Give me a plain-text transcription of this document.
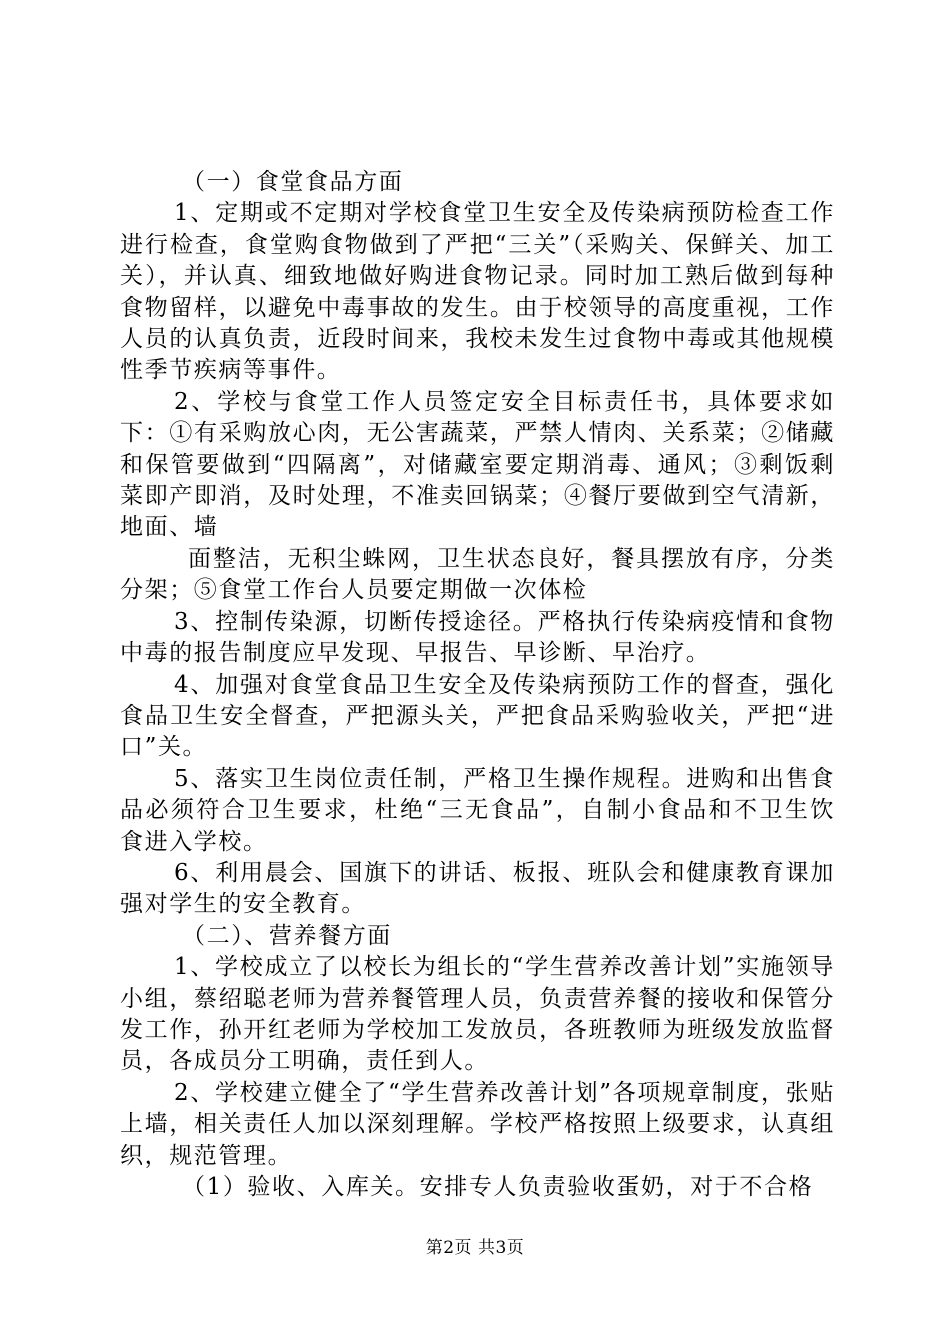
（一）食堂食品方面

1、定期或不定期对学校食堂卫生安全及传染病预防检查工作进行检查，食堂购食物做到了严把“三关”（采购关、保鲜关、加工关），并认真、细致地做好购进食物记录。同时加工熟后做到每种食物留样，以避免中毒事故的发生。由于校领导的高度重视，工作人员的认真负责，近段时间来，我校未发生过食物中毒或其他规模性季节疾病等事件。

2、学校与食堂工作人员签定安全目标责任书，具体要求如下：①有采购放心肉，无公害蔬菜，严禁人情肉、关系菜；②储藏和保管要做到“四隔离”，对储藏室要定期消毒、通风；③剩饭剩菜即产即消，及时处理，不准卖回锅菜；④餐厅要做到空气清新，地面、墙

面整洁，无积尘蛛网，卫生状态良好，餐具摆放有序，分类分架；⑤食堂工作台人员要定期做一次体检

3、控制传染源，切断传授途径。严格执行传染病疫情和食物中毒的报告制度应早发现、早报告、早诊断、早治疗。

4、加强对食堂食品卫生安全及传染病预防工作的督查，强化食品卫生安全督查，严把源头关，严把食品采购验收关，严把“进口”关。

5、落实卫生岗位责任制，严格卫生操作规程。进购和出售食品必须符合卫生要求，杜绝“三无食品”，自制小食品和不卫生饮食进入学校。

6、利用晨会、国旗下的讲话、板报、班队会和健康教育课加强对学生的安全教育。

（二）、营养餐方面

1、学校成立了以校长为组长的“学生营养改善计划”实施领导小组，蔡绍聪老师为营养餐管理人员，负责营养餐的接收和保管分发工作，孙开红老师为学校加工发放员，各班教师为班级发放监督员，各成员分工明确，责任到人。

2、学校建立健全了“学生营养改善计划”各项规章制度，张贴上墙，相关责任人加以深刻理解。学校严格按照上级要求，认真组织，规范管理。

（1）验收、入库关。安排专人负责验收蛋奶，对于不合格

第2页 共3页
